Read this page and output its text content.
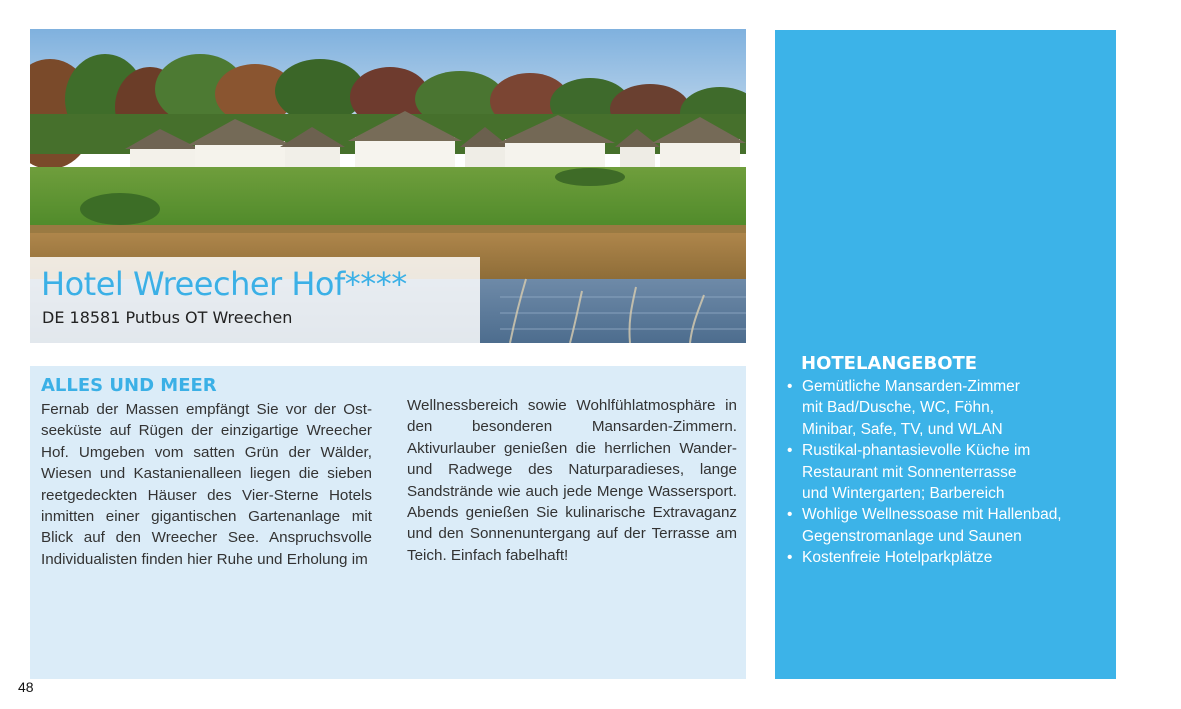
Hotel Wreecher Hof****

DE 18581 Putbus OT Wreechen

ALLES UND MEER

Fernab der Massen empfängt Sie vor der Ostseeküste auf Rügen der einzigartige Wreecher Hof. Umgeben vom satten Grün der Wälder, Wiesen und Kastanienalleen liegen die sieben reetgedeckten Häuser des Vier-Sterne Hotels inmitten einer gigantischen Gartenanlage mit Blick auf den Wreecher See. Anspruchsvolle Individualisten finden hier Ruhe und Erholung im

Wellnessbereich sowie Wohlfühlatmosphäre in den besonderen Mansarden-Zimmern. Aktivurlauber genießen die herrlichen Wander- und Radwege des Naturparadieses, lange Sandstrände wie auch jede Menge Wassersport. Abends genießen Sie kulinarische Extravaganz und den Sonnenuntergang auf der Terrasse am Teich. Einfach fabelhaft!

HOTELANGEBOTE
• Gemütliche Mansarden-Zimmer
mit Bad/Dusche, WC, Föhn,
Minibar, Safe, TV, und WLAN
• Rustikal-phantasievolle Küche im
Restaurant mit Sonnenterrasse
und Wintergarten; Barbereich
• Wohlige Wellnessoase mit Hallenbad,
Gegenstromanlage und Saunen
• Kostenfreie Hotelparkplätze

48
